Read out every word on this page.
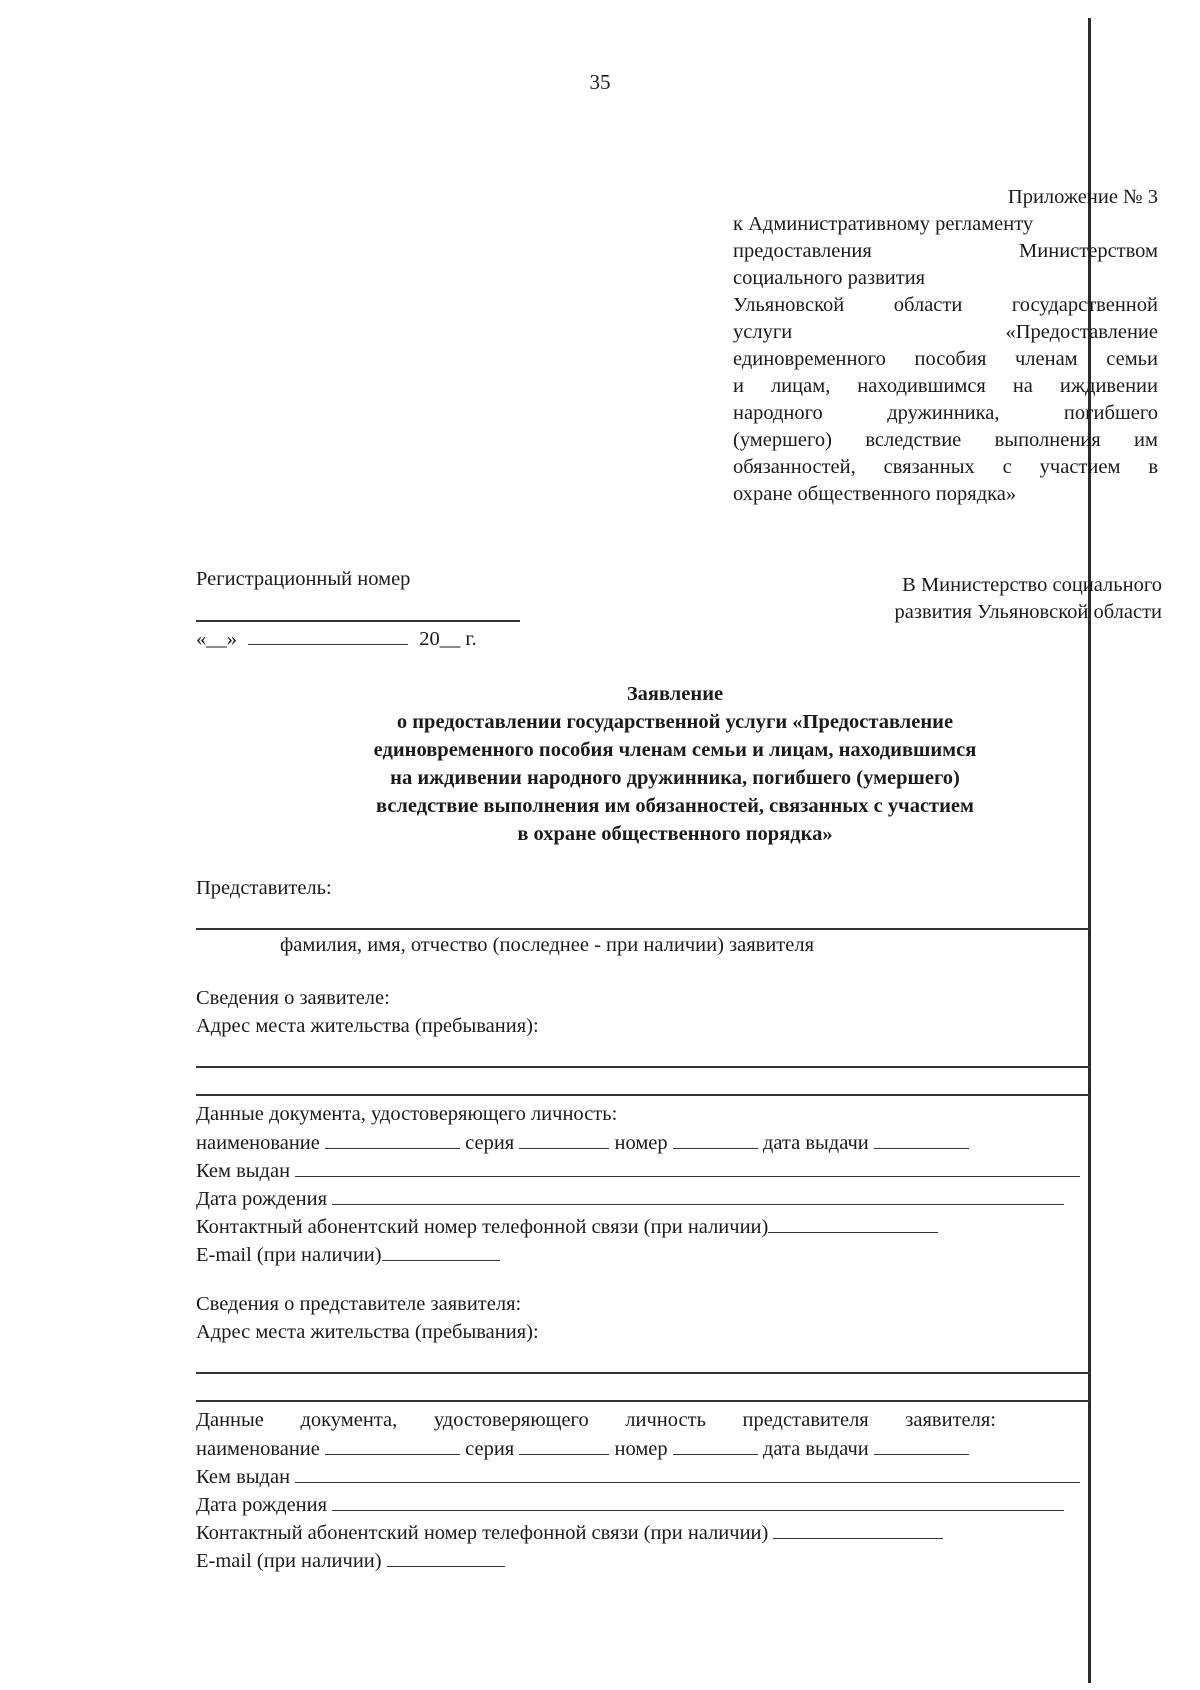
35
Приложение № 3
к Административному регламенту
предоставления Министерством
социального развития
Ульяновской области государственной
услуги «Предоставление
единовременного пособия членам семьи
и лицам, находившимся на иждивении
народного дружинника, погибшего
(умершего) вследствие выполнения им
обязанностей, связанных с участием в
охране общественного порядка»
Регистрационный номер
«__»	20__ г.
В Министерство социального
развития Ульяновской области
Заявление
о предоставлении государственной услуги «Предоставление
единовременного пособия членам семьи и лицам, находившимся
на иждивении народного дружинника, погибшего (умершего)
вследствие выполнения им обязанностей, связанных с участием
в охране общественного порядка»
Представитель:
фамилия, имя, отчество (последнее - при наличии) заявителя
Сведения о заявителе:
Адрес места жительства (пребывания):
Данные документа, удостоверяющего личность:
наименование	серия	номер	дата выдачи
Кем выдан
Дата рождения
Контактный абонентский номер телефонной связи (при наличии)
E-mail (при наличии)
Сведения о представителе заявителя:
Адрес места жительства (пребывания):
Данные документа, удостоверяющего личность представителя заявителя:
наименование	серия	номер	дата выдачи
Кем выдан
Дата рождения
Контактный абонентский номер телефонной связи (при наличии)
E-mail (при наличии)
